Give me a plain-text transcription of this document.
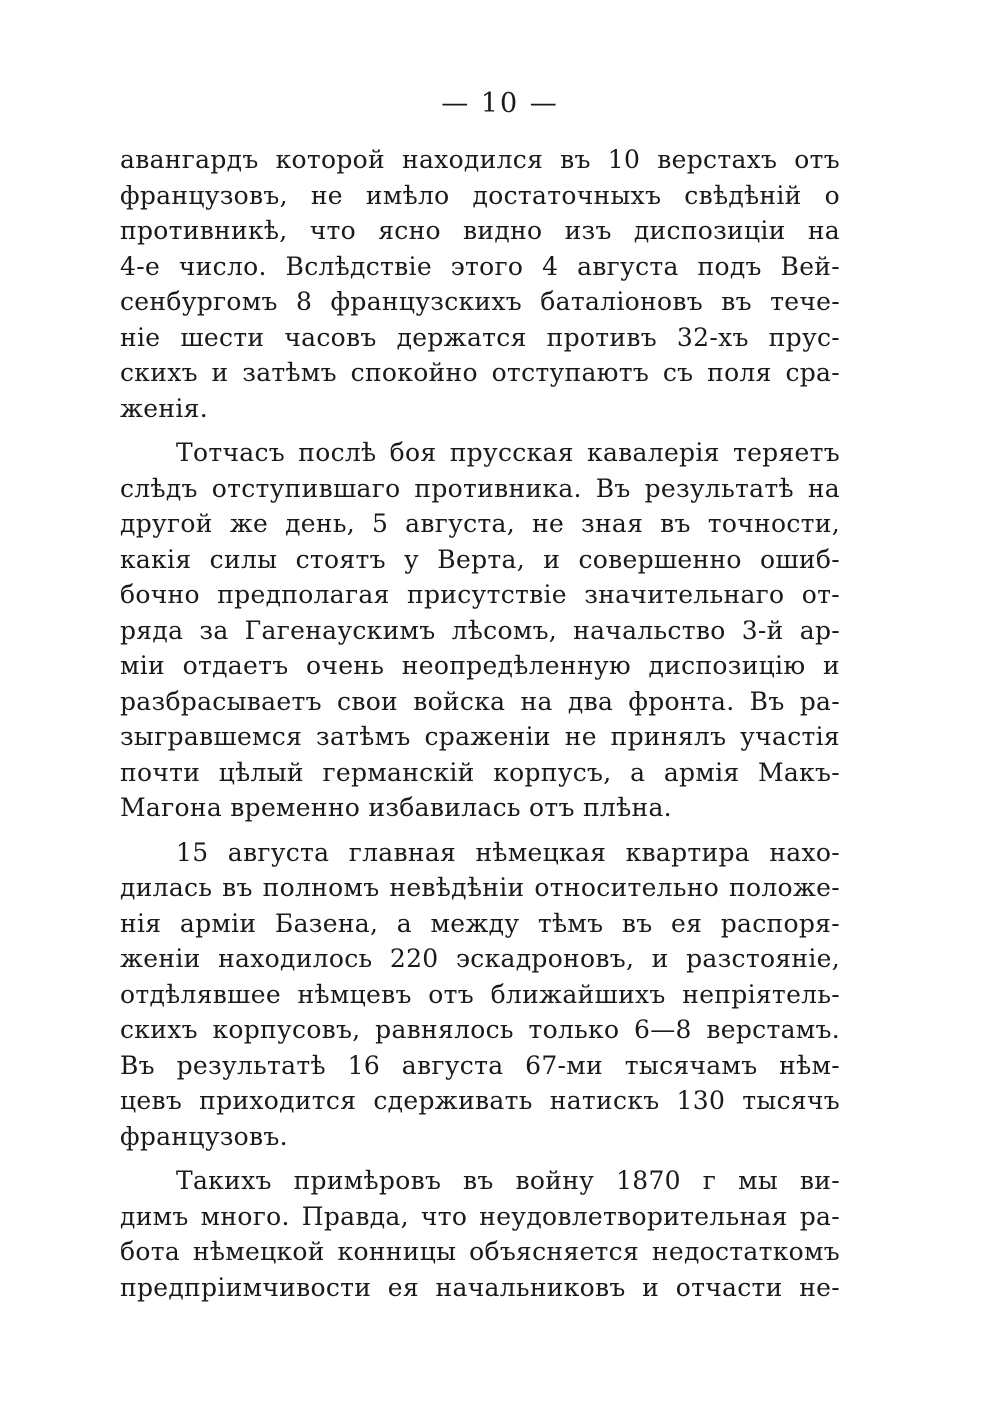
— 10 —
авангардъ которой находился въ 10 верстахъ отъ
французовъ, не имѣло достаточныхъ свѣдѣній о
противникѣ, что ясно видно изъ диспозиціи на
4-е число. Вслѣдствіе этого 4 августа подъ Вей-
сенбургомъ 8 французскихъ баталіоновъ въ тече-
ніе шести часовъ держатся противъ 32-хъ прус-
скихъ и затѣмъ спокойно отступаютъ съ поля сра-
женія.
Тотчасъ послѣ боя прусская кавалерія теряетъ
слѣдъ отступившаго противника. Въ результатѣ на
другой же день, 5 августа, не зная въ точности,
какія силы стоятъ у Верта, и совершенно ошиб-
бочно предполагая присутствіе значительнаго от-
ряда за Гагенаускимъ лѣсомъ, начальство 3-й ар-
міи отдаетъ очень неопредѣленную диспозицію и
разбрасываетъ свои войска на два фронта. Въ ра-
зыгравшемся затѣмъ сраженіи не принялъ участія
почти цѣлый германскій корпусъ, а армія Макъ-
Магона временно избавилась отъ плѣна.
15 августа главная нѣмецкая квартира нахо-
дилась въ полномъ невѣдѣніи относительно положе-
нія арміи Базена, а между тѣмъ въ ея распоря-
женіи находилось 220 эскадроновъ, и разстояніе,
отдѣлявшее нѣмцевъ отъ ближайшихъ непріятель-
скихъ корпусовъ, равнялось только 6—8 верстамъ.
Въ результатѣ 16 августа 67-ми тысячамъ нѣм-
цевъ приходится сдерживать натискъ 130 тысячъ
французовъ.
Такихъ примѣровъ въ войну 1870 г мы ви-
димъ много. Правда, что неудовлетворительная ра-
бота нѣмецкой конницы объясняется недостаткомъ
предпріимчивости ея начальниковъ и отчасти не-
